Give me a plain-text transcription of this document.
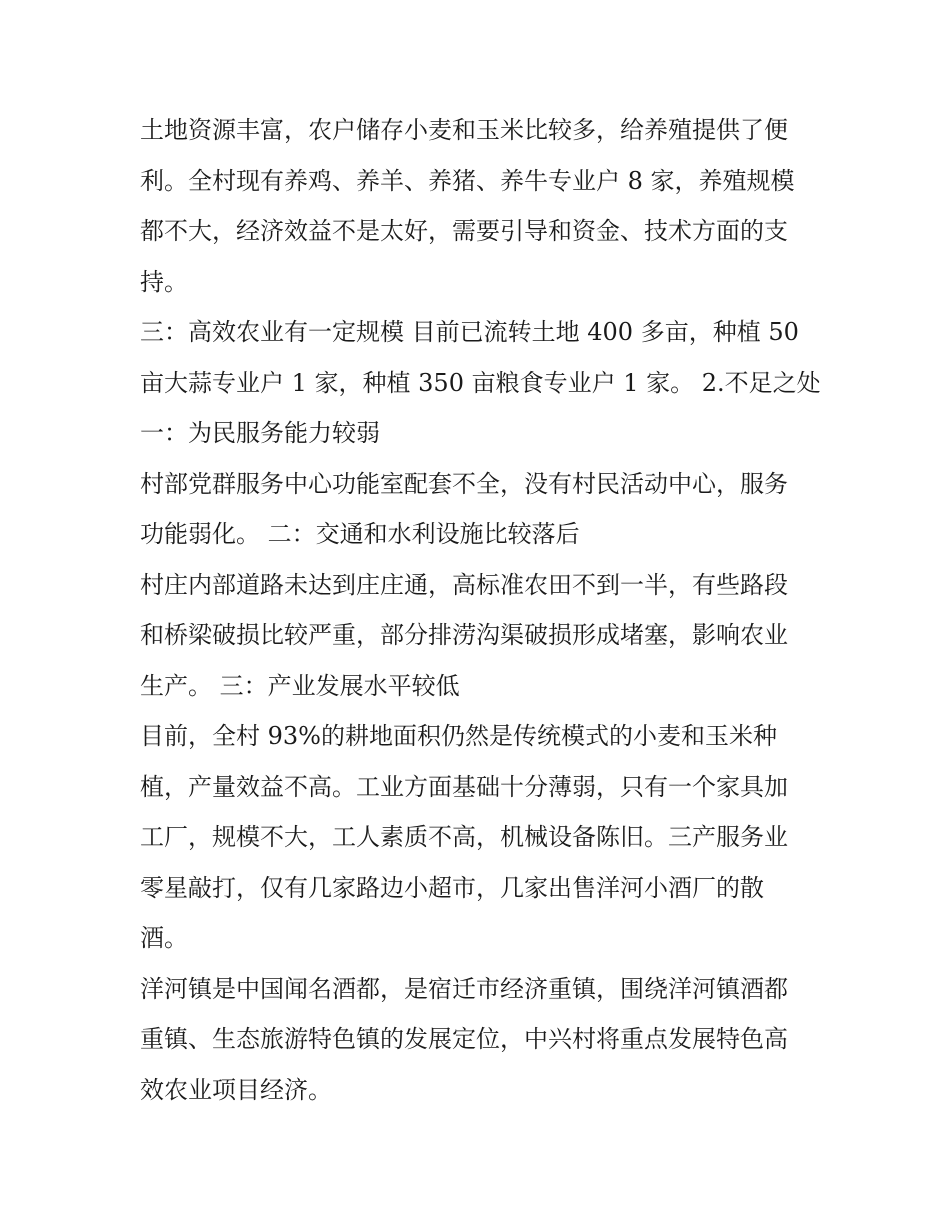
土地资源丰富，农户储存小麦和玉米比较多，给养殖提供了便
利。全村现有养鸡、养羊、养猪、养牛专业户 8 家，养殖规模
都不大，经济效益不是太好，需要引导和资金、技术方面的支
持。
三：高效农业有一定规模 目前已流转土地 400 多亩，种植 50
亩大蒜专业户 1 家，种植 350 亩粮食专业户 1 家。 2.不足之处
一：为民服务能力较弱
村部党群服务中心功能室配套不全，没有村民活动中心，服务
功能弱化。 二：交通和水利设施比较落后
村庄内部道路未达到庄庄通，高标准农田不到一半，有些路段
和桥梁破损比较严重，部分排涝沟渠破损形成堵塞，影响农业
生产。 三：产业发展水平较低
目前，全村 93%的耕地面积仍然是传统模式的小麦和玉米种
植，产量效益不高。工业方面基础十分薄弱，只有一个家具加
工厂，规模不大，工人素质不高，机械设备陈旧。三产服务业
零星敲打，仅有几家路边小超市，几家出售洋河小酒厂的散
酒。
洋河镇是中国闻名酒都，是宿迁市经济重镇，围绕洋河镇酒都
重镇、生态旅游特色镇的发展定位，中兴村将重点发展特色高
效农业项目经济。
